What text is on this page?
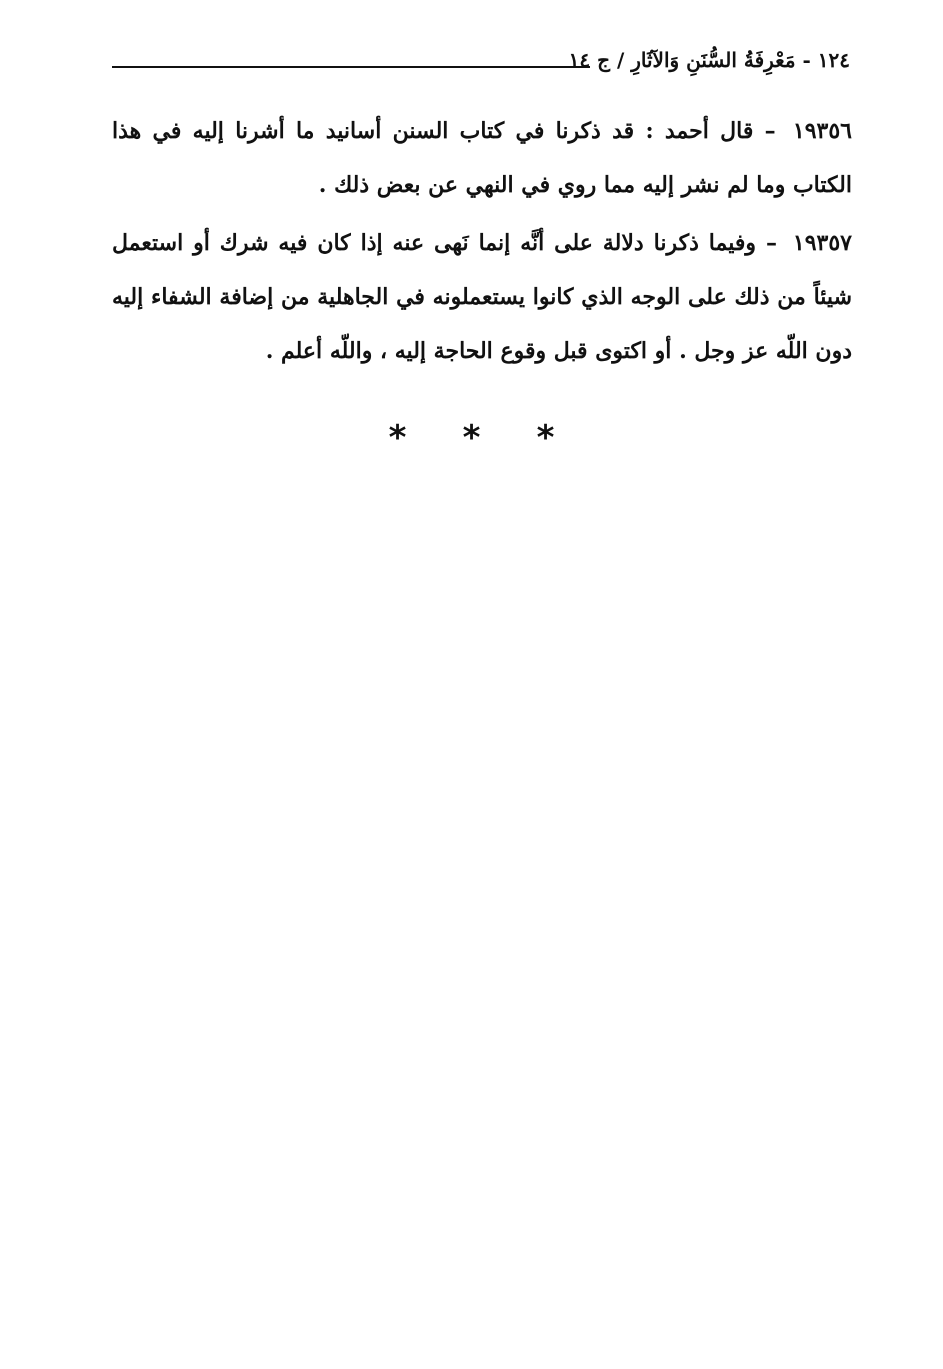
١٢٤ - مَعْرِفَةُ السُّنَنِ وَالآثَارِ / ج ١٤

١٩٣٥٦ – قال أحمد : قد ذكرنا في كتاب السنن أسانيد ما أشرنا إليه في هذا الكتاب وما لم نشر إليه مما روي في النهي عن بعض ذلك .

١٩٣٥٧ – وفيما ذكرنا دلالة على أنَّه إنما نَهى عنه إذا كان فيه شرك أو استعمل شيئاً من ذلك على الوجه الذي كانوا يستعملونه في الجاهلية من إضافة الشفاء إليه دون اللّه عز وجل . أو اكتوى قبل وقوع الحاجة إليه ، واللّه أعلم .

* * *
